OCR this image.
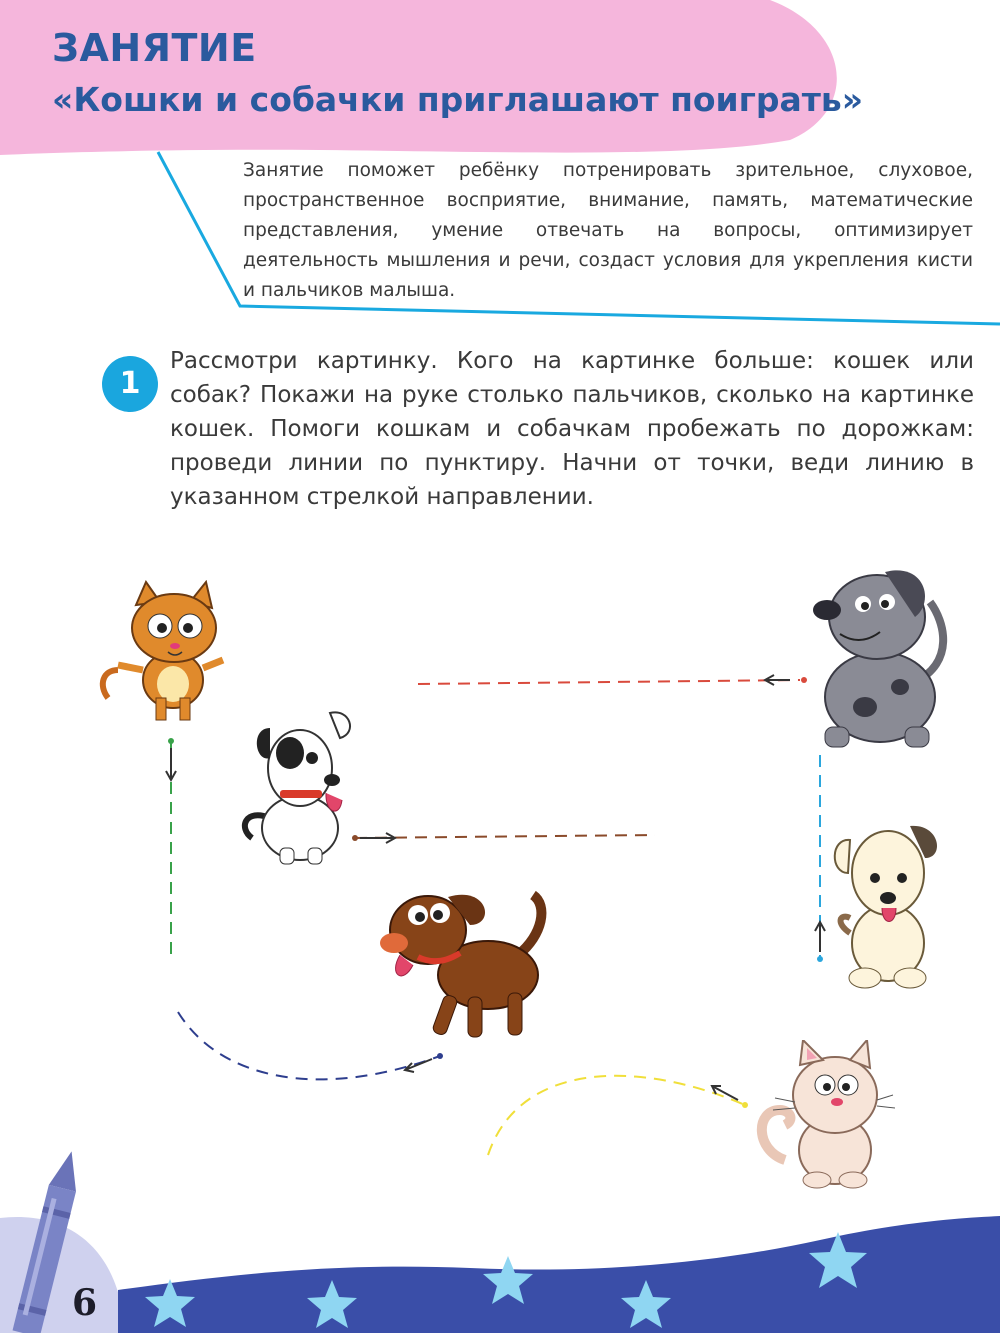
ЗАНЯТИЕ
«Кошки и собачки приглашают поиграть»
Занятие поможет ребёнку потренировать зрительное, слуховое, пространственное восприятие, внимание, память, математические представления, умение отвечать на вопросы, оптимизирует деятельность мышления и речи, создаст условия для укрепления кисти и пальчиков малыша.
1
Рассмотри картинку. Кого на картинке больше: кошек или собак? Покажи на руке столько пальчиков, сколько на картинке кошек. Помоги кошкам и собачкам пробежать по дорожкам: проведи линии по пунктиру. Начни от точки, веди линию в указанном стрелкой направлении.
6
